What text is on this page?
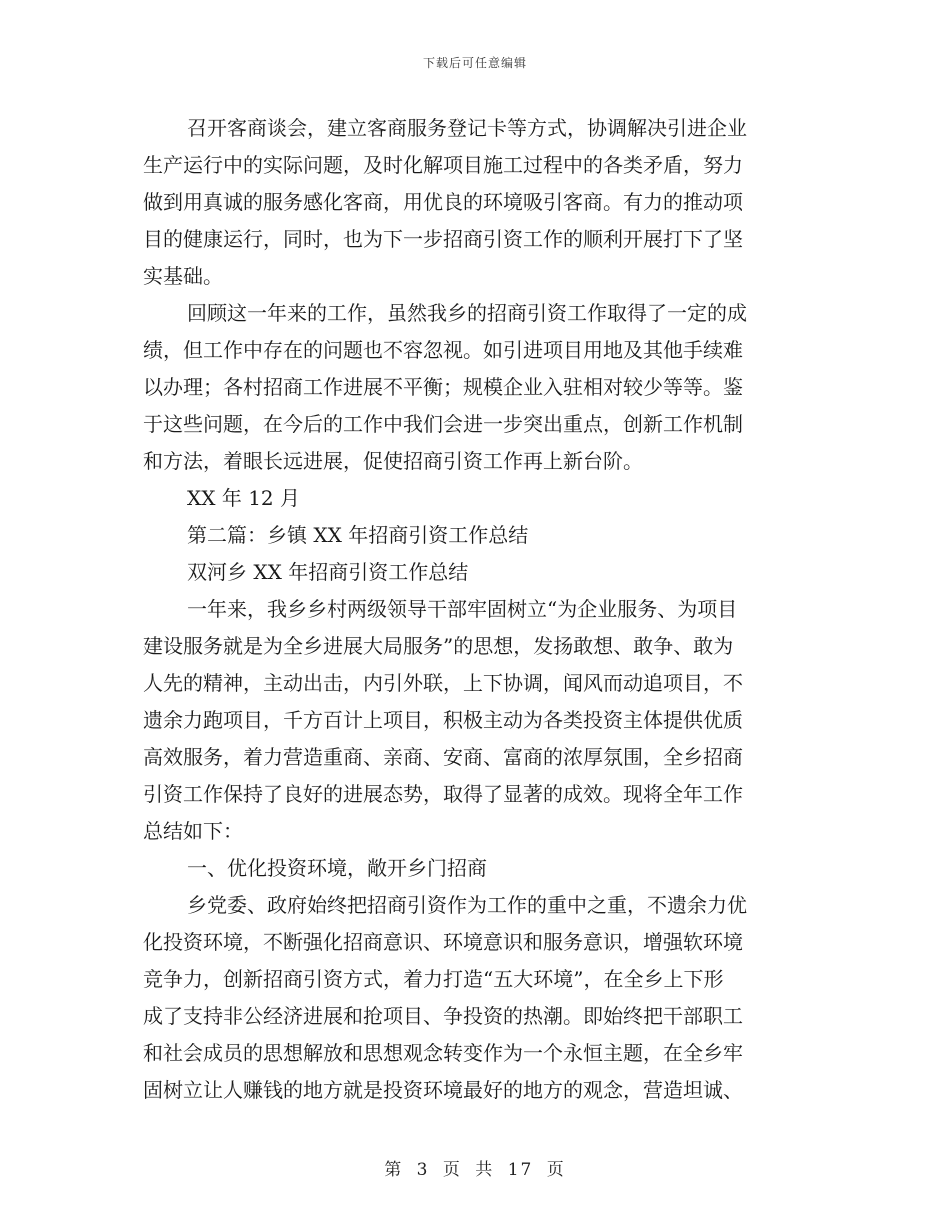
下载后可任意编辑
召开客商谈会，建立客商服务登记卡等方式，协调解决引进企业
生产运行中的实际问题，及时化解项目施工过程中的各类矛盾，努力
做到用真诚的服务感化客商，用优良的环境吸引客商。有力的推动项
目的健康运行，同时，也为下一步招商引资工作的顺利开展打下了坚
实基础。
回顾这一年来的工作，虽然我乡的招商引资工作取得了一定的成
绩，但工作中存在的问题也不容忽视。如引进项目用地及其他手续难
以办理；各村招商工作进展不平衡；规模企业入驻相对较少等等。鉴
于这些问题，在今后的工作中我们会进一步突出重点，创新工作机制
和方法，着眼长远进展，促使招商引资工作再上新台阶。
XX 年 12 月
第二篇：乡镇 XX 年招商引资工作总结
双河乡 XX 年招商引资工作总结
一年来，我乡乡村两级领导干部牢固树立“为企业服务、为项目
建设服务就是为全乡进展大局服务”的思想，发扬敢想、敢争、敢为
人先的精神，主动出击，内引外联，上下协调，闻风而动追项目，不
遗余力跑项目，千方百计上项目，积极主动为各类投资主体提供优质
高效服务，着力营造重商、亲商、安商、富商的浓厚氛围，全乡招商
引资工作保持了良好的进展态势，取得了显著的成效。现将全年工作
总结如下：
一、优化投资环境，敞开乡门招商
乡党委、政府始终把招商引资作为工作的重中之重，不遗余力优
化投资环境，不断强化招商意识、环境意识和服务意识，增强软环境
竞争力，创新招商引资方式，着力打造“五大环境”，在全乡上下形
成了支持非公经济进展和抢项目、争投资的热潮。即始终把干部职工
和社会成员的思想解放和思想观念转变作为一个永恒主题，在全乡牢
固树立让人赚钱的地方就是投资环境最好的地方的观念，营造坦诚、
第 3 页 共 17 页
